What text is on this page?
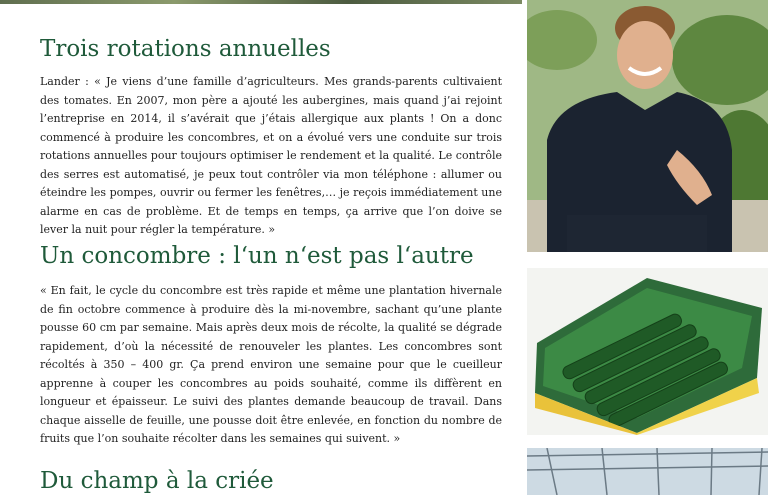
Trois rotations annuelles

Lander : « Je viens d’une famille d’agriculteurs. Mes grands-parents cultivaient des tomates. En 2007, mon père a ajouté les aubergines, mais quand j’ai rejoint l’entreprise en 2014, il s’avérait que j’étais allergique aux plants ! On a donc commencé à produire les concombres, et on a évolué vers une conduite sur trois rotations annuelles pour toujours optimiser le rendement et la qualité. Le contrôle des serres est automatisé, je peux tout contrôler via mon téléphone : allumer ou éteindre les pompes, ouvrir ou fermer les fenêtres,… je reçois immédiatement une alarme en cas de problème. Et de temps en temps, ça arrive que l’on doive se lever la nuit pour régler la température. »

Un concombre : l‘un n‘est pas l‘autre

« En fait, le cycle du concombre est très rapide et même une plantation hivernale de fin octobre commence à produire dès la mi-novembre, sachant qu’une plante pousse 60 cm par semaine. Mais après deux mois de récolte, la qualité se dégrade rapidement, d’où la nécessité de renouveler les plantes. Les concombres sont récoltés à 350 – 400 gr. Ça prend environ une semaine pour que le cueilleur apprenne à couper les concombres au poids souhaité, comme ils diffèrent en longueur et épaisseur. Le suivi des plantes demande beaucoup de travail. Dans chaque aisselle de feuille, une pousse doit être enlevée, en fonction du nombre de fruits que l’on souhaite récolter dans les semaines qui suivent. »

Du champ à la criée
